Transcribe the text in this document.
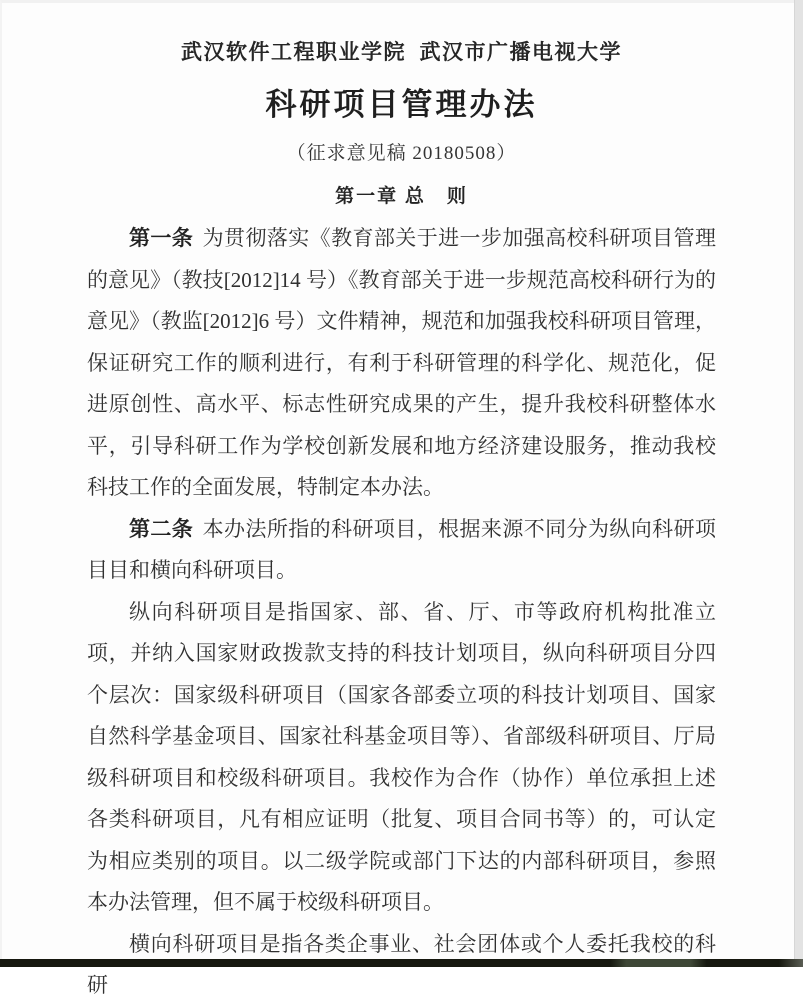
武汉软件工程职业学院  武汉市广播电视大学
科研项目管理办法
（征求意见稿 20180508）
第一章 总　则

第一条 为贯彻落实《教育部关于进一步加强高校科研项目管理的意见》（教技[2012]14 号）《教育部关于进一步规范高校科研行为的意见》（教监[2012]6 号）文件精神，规范和加强我校科研项目管理，保证研究工作的顺利进行，有利于科研管理的科学化、规范化，促进原创性、高水平、标志性研究成果的产生，提升我校科研整体水平，引导科研工作为学校创新发展和地方经济建设服务，推动我校科技工作的全面发展，特制定本办法。

第二条 本办法所指的科研项目，根据来源不同分为纵向科研项目目和横向科研项目。

纵向科研项目是指国家、部、省、厅、市等政府机构批准立项，并纳入国家财政拨款支持的科技计划项目，纵向科研项目分四个层次：国家级科研项目（国家各部委立项的科技计划项目、国家自然科学基金项目、国家社科基金项目等）、省部级科研项目、厅局级科研项目和校级科研项目。我校作为合作（协作）单位承担上述各类科研项目，凡有相应证明（批复、项目合同书等）的，可认定为相应类别的项目。以二级学院或部门下达的内部科研项目，参照本办法管理，但不属于校级科研项目。

横向科研项目是指各类企事业、社会团体或个人委托我校的科研
